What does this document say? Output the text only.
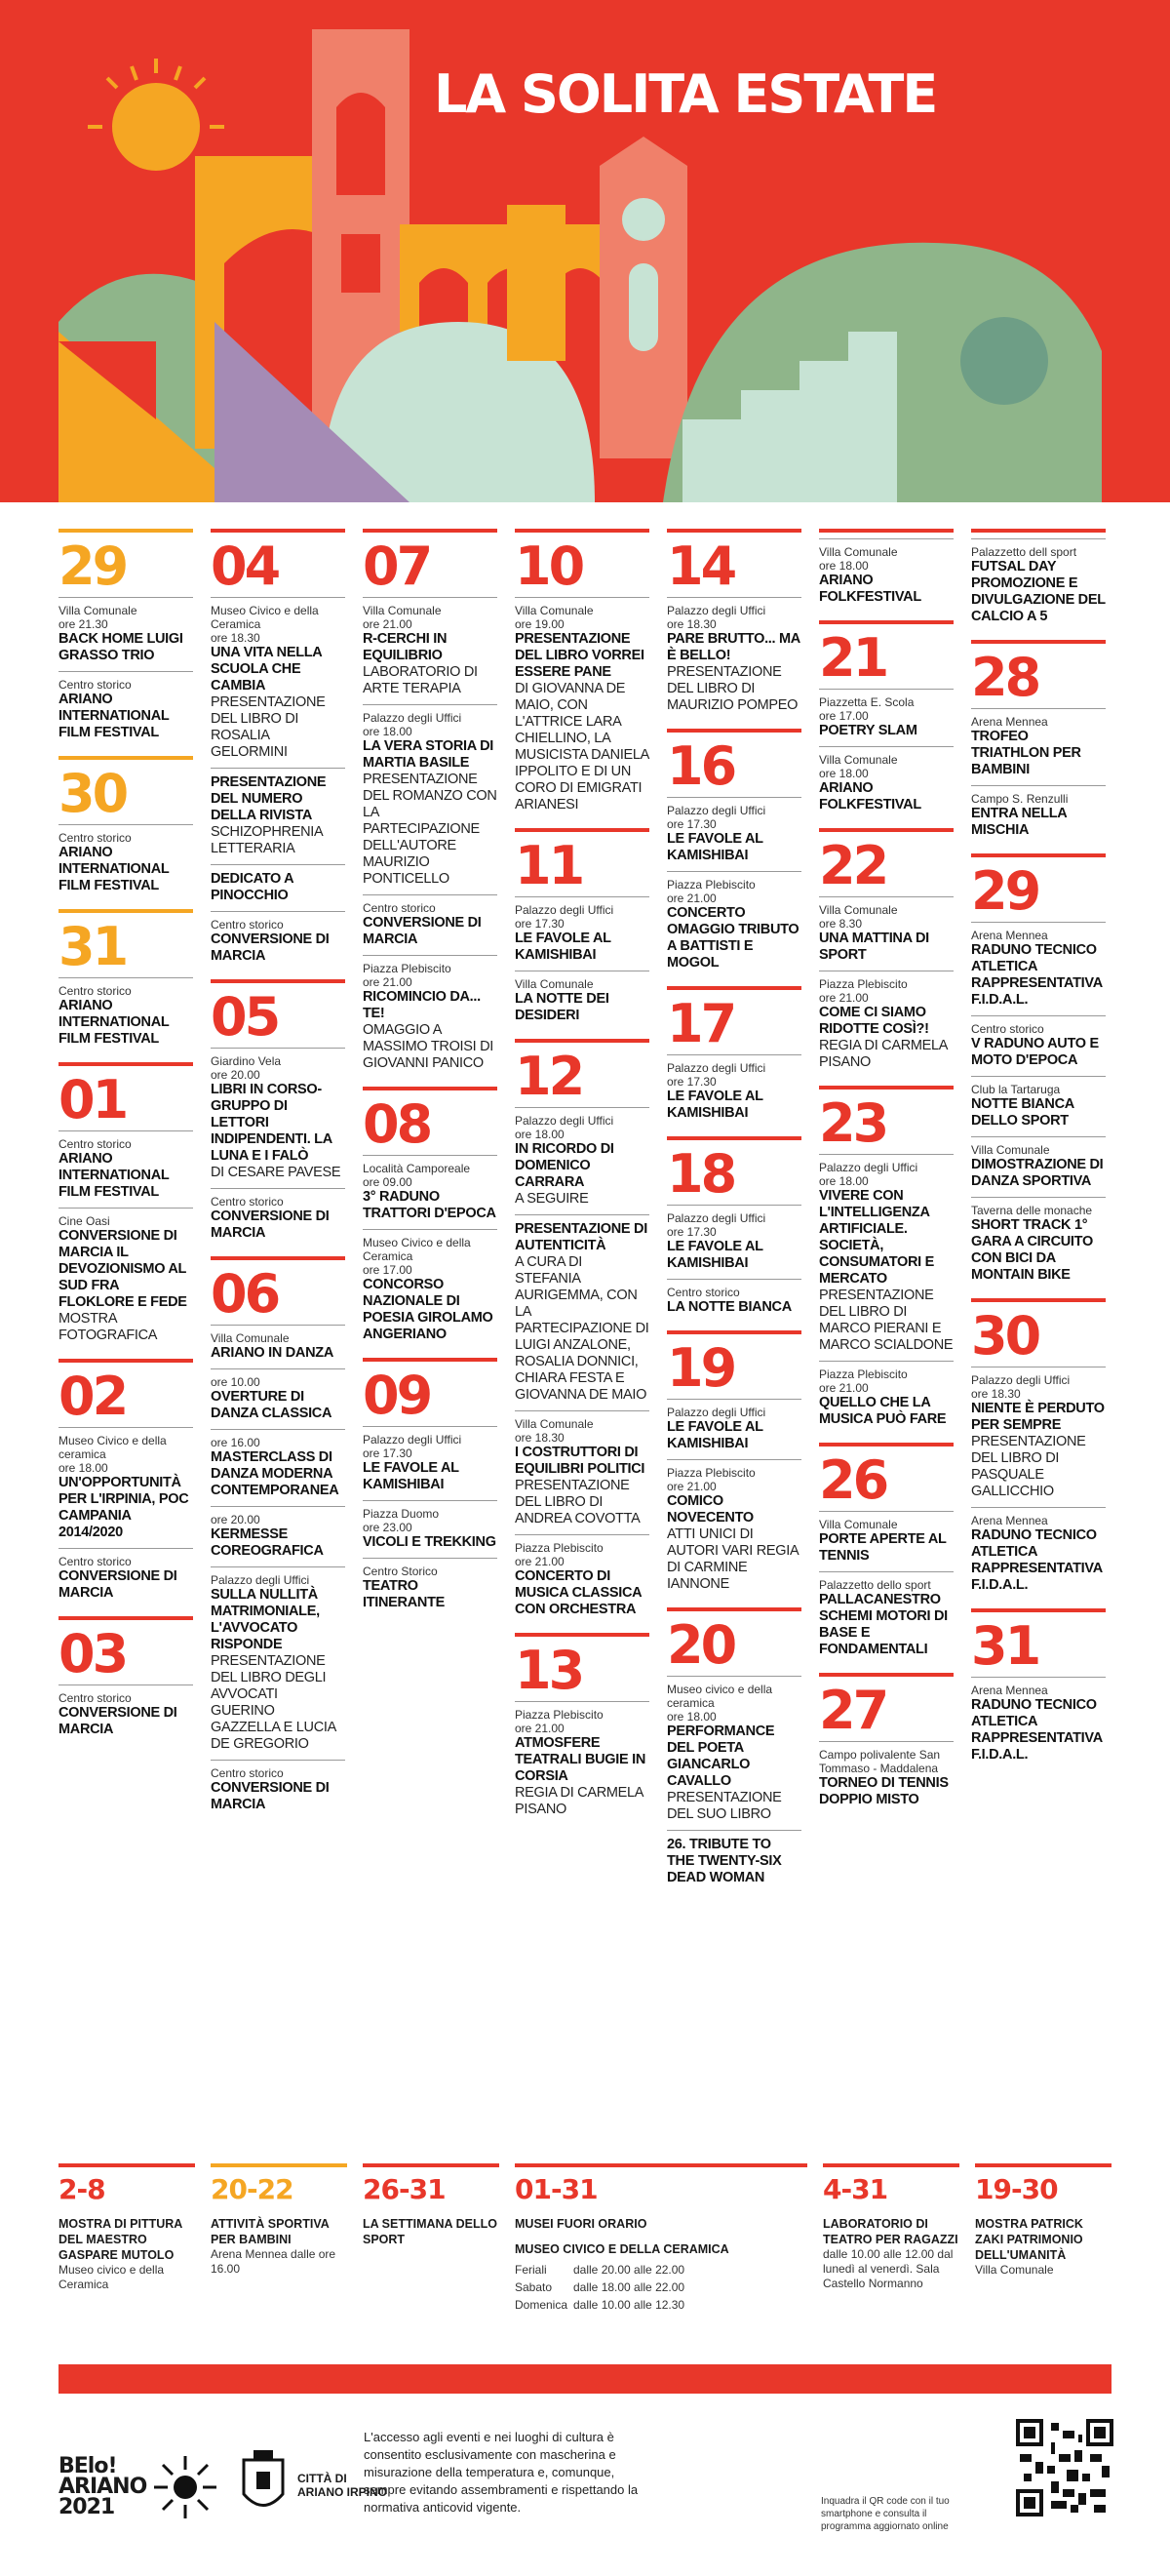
LA SOLITA ESTATE
29
Villa Comunale
ore 21.30
BACK HOME LUIGI GRASSO TRIO
Centro storico
ARIANO INTERNATIONAL FILM FESTIVAL
30
Centro storico
ARIANO INTERNATIONAL FILM FESTIVAL
31
Centro storico
ARIANO INTERNATIONAL FILM FESTIVAL
01
Centro storico
ARIANO INTERNATIONAL FILM FESTIVAL
Cine Oasi
CONVERSIONE DI MARCIA IL DEVOZIONISMO AL SUD FRA FLOKLORE E FEDE
MOSTRA FOTOGRAFICA
02
Museo Civico e della ceramica
ore 18.00
UN'OPPORTUNITÀ PER L'IRPINIA, POC CAMPANIA 2014/2020
Centro storico
CONVERSIONE DI MARCIA
03
Centro storico
CONVERSIONE DI MARCIA
04
Museo Civico e della Ceramica
ore 18.30
UNA VITA NELLA SCUOLA CHE CAMBIA
PRESENTAZIONE DEL LIBRO DI ROSALIA GELORMINI
PRESENTAZIONE DEL NUMERO DELLA RIVISTA
SCHIZOPHRENIA LETTERARIA
DEDICATO A PINOCCHIO
Centro storico
CONVERSIONE DI MARCIA
05
Giardino Vela
ore 20.00
LIBRI IN CORSO- GRUPPO DI LETTORI INDIPENDENTI. LA LUNA E I FALÒ
DI CESARE PAVESE
Centro storico
CONVERSIONE DI MARCIA
06
Villa Comunale
ARIANO IN DANZA
ore 10.00
OVERTURE DI DANZA CLASSICA
ore 16.00
MASTERCLASS DI DANZA MODERNA CONTEMPORANEA
ore 20.00
KERMESSE COREOGRAFICA
Palazzo degli Uffici
SULLA NULLITÀ MATRIMONIALE, L'AVVOCATO RISPONDE
PRESENTAZIONE DEL LIBRO DEGLI AVVOCATI GUERINO GAZZELLA E LUCIA DE GREGORIO
Centro storico
CONVERSIONE DI MARCIA
07
Villa Comunale
ore 21.00
R-CERCHI IN EQUILIBRIO
LABORATORIO DI ARTE TERAPIA
Palazzo degli Uffici
ore 18.00
LA VERA STORIA DI MARTIA BASILE
PRESENTAZIONE DEL ROMANZO CON LA PARTECIPAZIONE DELL'AUTORE MAURIZIO PONTICELLO
Centro storico
CONVERSIONE DI MARCIA
Piazza Plebiscito
ore 21.00
RICOMINCIO DA... TE!
OMAGGIO A MASSIMO TROISI DI GIOVANNI PANICO
08
Località Camporeale
ore 09.00
3° RADUNO TRATTORI D'EPOCA
Museo Civico e della Ceramica
ore 17.00
CONCORSO NAZIONALE DI POESIA GIROLAMO ANGERIANO
09
Palazzo degli Uffici
ore 17.30
LE FAVOLE AL KAMISHIBAI
Piazza Duomo
ore 23.00
VICOLI E TREKKING
Centro Storico
TEATRO ITINERANTE
10
Villa Comunale
ore 19.00
PRESENTAZIONE DEL LIBRO VORREI ESSERE PANE
DI GIOVANNA DE MAIO, CON L'ATTRICE LARA CHIELLINO, LA MUSICISTA DANIELA IPPOLITO E DI UN CORO DI EMIGRATI ARIANESI
11
Palazzo degli Uffici
ore 17.30
LE FAVOLE AL KAMISHIBAI
Villa Comunale
LA NOTTE DEI DESIDERI
12
Palazzo degli Uffici
ore 18.00
IN RICORDO DI DOMENICO CARRARA
A SEGUIRE
PRESENTAZIONE DI AUTENTICITÀ
A CURA DI STEFANIA AURIGEMMA, CON LA PARTECIPAZIONE DI LUIGI ANZALONE, ROSALIA DONNICI, CHIARA FESTA E GIOVANNA DE MAIO
Villa Comunale
ore 18.30
I COSTRUTTORI DI EQUILIBRI POLITICI
PRESENTAZIONE DEL LIBRO DI ANDREA COVOTTA
Piazza Plebiscito
ore 21.00
CONCERTO DI MUSICA CLASSICA CON ORCHESTRA
13
Piazza Plebiscito
ore 21.00
ATMOSFERE TEATRALI BUGIE IN CORSIA
REGIA DI CARMELA PISANO
14
Palazzo degli Uffici
ore 18.30
PARE BRUTTO... MA È BELLO!
PRESENTAZIONE DEL LIBRO DI MAURIZIO POMPEO
16
Palazzo degli Uffici
ore 17.30
LE FAVOLE AL KAMISHIBAI
Piazza Plebiscito
ore 21.00
CONCERTO OMAGGIO TRIBUTO A BATTISTI E MOGOL
17
Palazzo degli Uffici
ore 17.30
LE FAVOLE AL KAMISHIBAI
18
Palazzo degli Uffici
ore 17.30
LE FAVOLE AL KAMISHIBAI
Centro storico
LA NOTTE BIANCA
19
Palazzo degli Uffici
LE FAVOLE AL KAMISHIBAI
Piazza Plebiscito
ore 21.00
COMICO NOVECENTO
ATTI UNICI DI AUTORI VARI REGIA DI CARMINE IANNONE
20
Museo civico e della ceramica
ore 18.00
PERFORMANCE DEL POETA GIANCARLO CAVALLO
PRESENTAZIONE DEL SUO LIBRO
26. TRIBUTE TO THE TWENTY-SIX DEAD WOMAN
Villa Comunale
ore 18.00
ARIANO FOLKFESTIVAL
21
Piazzetta E. Scola
ore 17.00
POETRY SLAM
Villa Comunale
ore 18.00
ARIANO FOLKFESTIVAL
22
Villa Comunale
ore 8.30
UNA MATTINA DI SPORT
Piazza Plebiscito
ore 21.00
COME CI SIAMO RIDOTTE COSÌ?!
REGIA DI CARMELA PISANO
23
Palazzo degli Uffici
ore 18.00
VIVERE CON L'INTELLIGENZA ARTIFICIALE. SOCIETÀ, CONSUMATORI E MERCATO
PRESENTAZIONE DEL LIBRO DI MARCO PIERANI E MARCO SCIALDONE
Piazza Plebiscito
ore 21.00
QUELLO CHE LA MUSICA PUÒ FARE
26
Villa Comunale
PORTE APERTE AL TENNIS
Palazzetto dello sport
PALLACANESTRO SCHEMI MOTORI DI BASE E FONDAMENTALI
27
Campo polivalente San Tommaso - Maddalena
TORNEO DI TENNIS DOPPIO MISTO
Palazzetto dell sport
FUTSAL DAY PROMOZIONE E DIVULGAZIONE DEL CALCIO A 5
28
Arena Mennea
TROFEO TRIATHLON PER BAMBINI
Campo S. Renzulli
ENTRA NELLA MISCHIA
29
Arena Mennea
RADUNO TECNICO ATLETICA RAPPRESENTATIVA F.I.D.A.L.
Centro storico
V RADUNO AUTO E MOTO D'EPOCA
Club la Tartaruga
NOTTE BIANCA DELLO SPORT
Villa Comunale
DIMOSTRAZIONE DI DANZA SPORTIVA
Taverna delle monache
SHORT TRACK 1° GARA A CIRCUITO CON BICI DA MONTAIN BIKE
30
Palazzo degli Uffici
ore 18.30
NIENTE È PERDUTO PER SEMPRE
PRESENTAZIONE DEL LIBRO DI PASQUALE GALLICCHIO
Arena Mennea
RADUNO TECNICO ATLETICA RAPPRESENTATIVA F.I.D.A.L.
31
Arena Mennea
RADUNO TECNICO ATLETICA RAPPRESENTATIVA F.I.D.A.L.
2-8
MOSTRA DI PITTURA DEL MAESTRO GASPARE MUTOLO
Museo civico e della Ceramica
20-22
ATTIVITÀ SPORTIVA PER BAMBINI
Arena Mennea dalle ore 16.00
26-31
LA SETTIMANA DELLO SPORT
01-31
MUSEI FUORI ORARIO
MUSEO CIVICO E DELLA CERAMICA
Feriali	dalle 20.00 alle 22.00
Sabato	dalle 18.00 alle 22.00
Domenica dalle 10.00 alle 12.30
4-31
LABORATORIO DI TEATRO PER RAGAZZI
dalle 10.00 alle 12.00 dal lunedì al venerdì. Sala Castello Normanno
19-30
MOSTRA PATRICK ZAKI PATRIMONIO DELL'UMANITÀ
Villa Comunale
BElo!
ARIANO
2021
CITTÀ DI ARIANO IRPINO
L'accesso agli eventi e nei luoghi di cultura è consentito esclusivamente con mascherina e misurazione della temperatura e, comunque, sempre evitando assembramenti e rispettando la normativa anticovid vigente.	Inquadra il QR code con il tuo smartphone e consulta il programma aggiornato online
